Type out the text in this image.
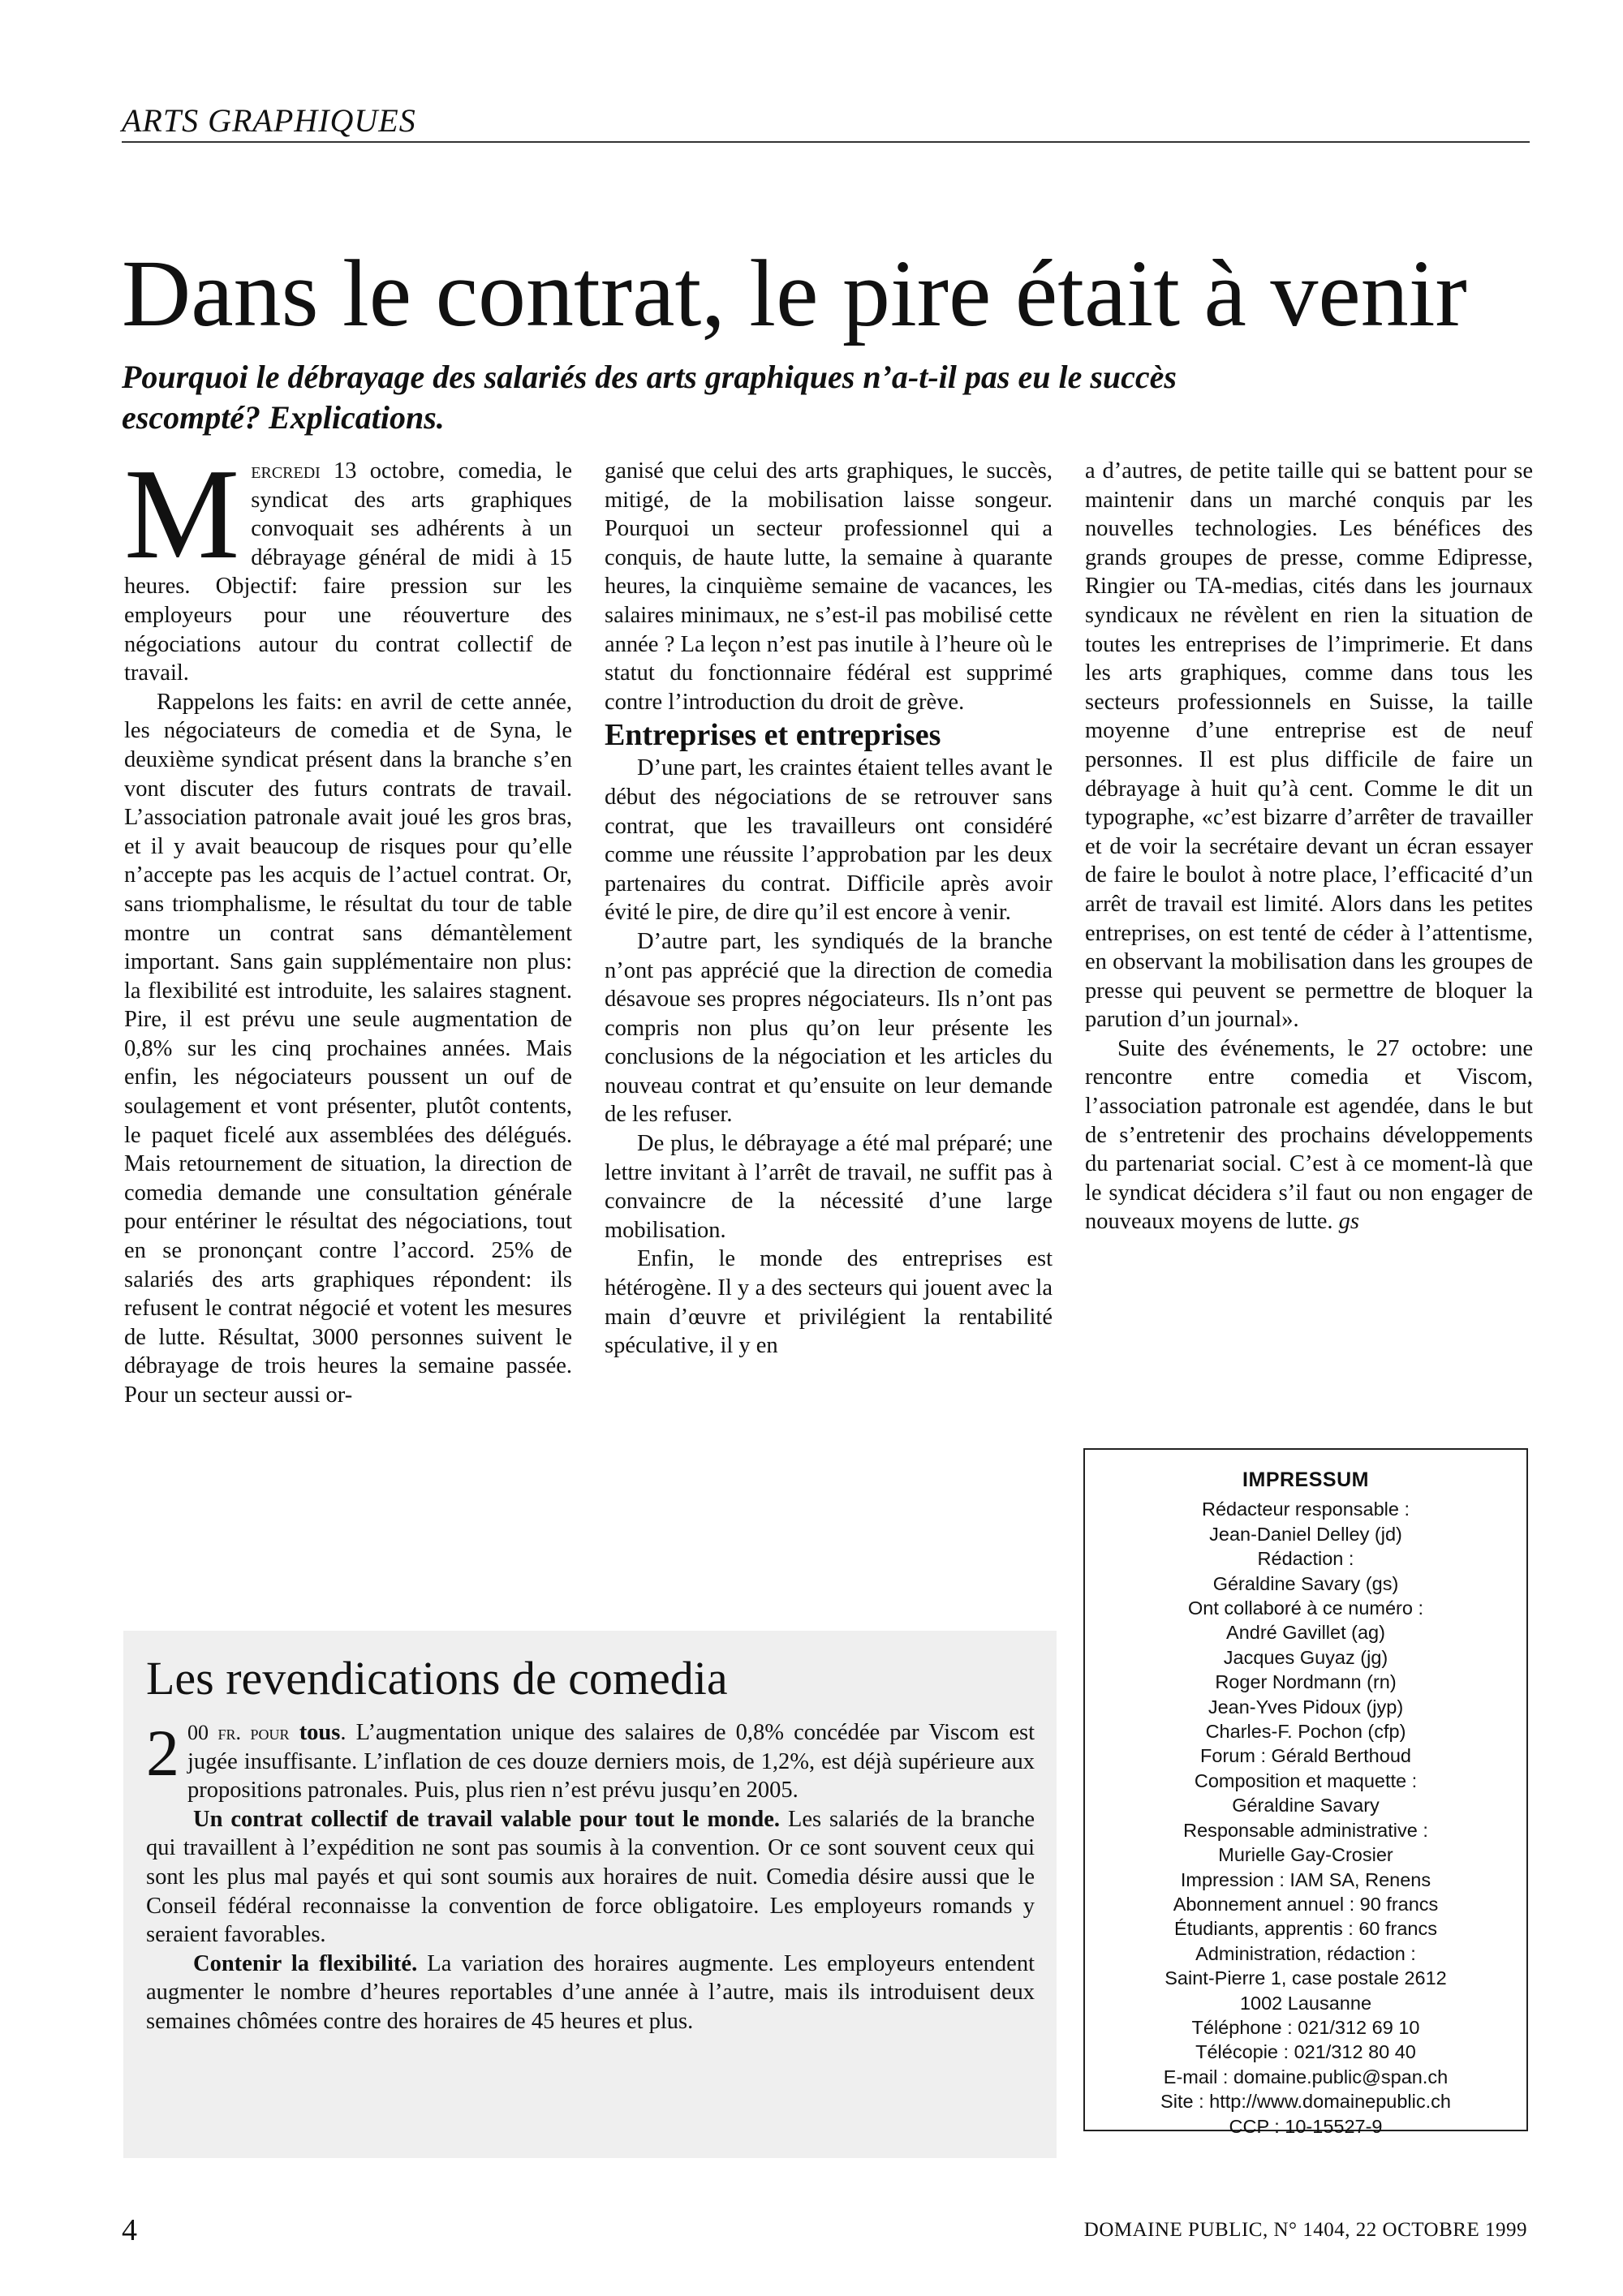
ARTS GRAPHIQUES
Dans le contrat, le pire était à venir
Pourquoi le débrayage des salariés des arts graphiques n’a-t-il pas eu le succès escompté? Explications.

Mercredi 13 octobre, comedia, le syndicat des arts graphiques convoquait ses adhérents à un débrayage général de midi à 15 heures. Objectif: faire pression sur les employeurs pour une réouverture des négociations autour du contrat collectif de travail.

Rappelons les faits: en avril de cette année, les négociateurs de comedia et de Syna, le deuxième syndicat présent dans la branche s’en vont discuter des futurs contrats de travail. L’association patronale avait joué les gros bras, et il y avait beaucoup de risques pour qu’elle n’accepte pas les acquis de l’actuel contrat. Or, sans triomphalisme, le résultat du tour de table montre un contrat sans démantèlement important. Sans gain supplémentaire non plus: la flexibilité est introduite, les salaires stagnent. Pire, il est prévu une seule augmentation de 0,8% sur les cinq prochaines années. Mais enfin, les négociateurs poussent un ouf de soulagement et vont présenter, plutôt contents, le paquet ficelé aux assemblées des délégués. Mais retournement de situation, la direction de comedia demande une consultation générale pour entériner le résultat des négociations, tout en se prononçant contre l’accord. 25% de salariés des arts graphiques répondent: ils refusent le contrat négocié et votent les mesures de lutte. Résultat, 3000 personnes suivent le débrayage de trois heures la semaine passée. Pour un secteur aussi or-

ganisé que celui des arts graphiques, le succès, mitigé, de la mobilisation laisse songeur. Pourquoi un secteur professionnel qui a conquis, de haute lutte, la semaine à quarante heures, la cinquième semaine de vacances, les salaires minimaux, ne s’est-il pas mobilisé cette année ? La leçon n’est pas inutile à l’heure où le statut du fonctionnaire fédéral est supprimé contre l’introduction du droit de grève.

Entreprises et entreprises

D’une part, les craintes étaient telles avant le début des négociations de se retrouver sans contrat, que les travailleurs ont considéré comme une réussite l’approbation par les deux partenaires du contrat. Difficile après avoir évité le pire, de dire qu’il est encore à venir.

D’autre part, les syndiqués de la branche n’ont pas apprécié que la direction de comedia désavoue ses propres négociateurs. Ils n’ont pas compris non plus qu’on leur présente les conclusions de la négociation et les articles du nouveau contrat et qu’ensuite on leur demande de les refuser.

De plus, le débrayage a été mal préparé; une lettre invitant à l’arrêt de travail, ne suffit pas à convaincre de la nécessité d’une large mobilisation.

Enfin, le monde des entreprises est hétérogène. Il y a des secteurs qui jouent avec la main d’œuvre et privilégient la rentabilité spéculative, il y en

a d’autres, de petite taille qui se battent pour se maintenir dans un marché conquis par les nouvelles technologies. Les bénéfices des grands groupes de presse, comme Edipresse, Ringier ou TA-medias, cités dans les journaux syndicaux ne révèlent en rien la situation de toutes les entreprises de l’imprimerie. Et dans les arts graphiques, comme dans tous les secteurs professionnels en Suisse, la taille moyenne d’une entreprise est de neuf personnes. Il est plus difficile de faire un débrayage à huit qu’à cent. Comme le dit un typographe, «c’est bizarre d’arrêter de travailler et de voir la secrétaire devant un écran essayer de faire le boulot à notre place, l’efficacité d’un arrêt de travail est limité. Alors dans les petites entreprises, on est tenté de céder à l’attentisme, en observant la mobilisation dans les groupes de presse qui peuvent se permettre de bloquer la parution d’un journal».

Suite des événements, le 27 octobre: une rencontre entre comedia et Viscom, l’association patronale est agendée, dans le but de s’entretenir des prochains développements du partenariat social. C’est à ce moment-là que le syndicat décidera s’il faut ou non engager de nouveaux moyens de lutte. gs

Les revendications de comedia

2 00 fr. pour tous. L’augmentation unique des salaires de 0,8% concédée par Viscom est jugée insuffisante. L’inflation de ces douze derniers mois, de 1,2%, est déjà supérieure aux propositions patronales. Puis, plus rien n’est prévu jusqu’en 2005.

Un contrat collectif de travail valable pour tout le monde. Les salariés de la branche qui travaillent à l’expédition ne sont pas soumis à la convention. Or ce sont souvent ceux qui sont les plus mal payés et qui sont soumis aux horaires de nuit. Comedia désire aussi que le Conseil fédéral reconnaisse la convention de force obligatoire. Les employeurs romands y seraient favorables.

Contenir la flexibilité. La variation des horaires augmente. Les employeurs entendent augmenter le nombre d’heures reportables d’une année à l’autre, mais ils introduisent deux semaines chômées contre des horaires de 45 heures et plus.

IMPRESSUM
Rédacteur responsable :
Jean-Daniel Delley (jd)
Rédaction :
Géraldine Savary (gs)
Ont collaboré à ce numéro :
André Gavillet (ag)
Jacques Guyaz (jg)
Roger Nordmann (rn)
Jean-Yves Pidoux (jyp)
Charles-F. Pochon (cfp)
Forum : Gérald Berthoud
Composition et maquette :
Géraldine Savary
Responsable administrative :
Murielle Gay-Crosier
Impression : IAM SA, Renens
Abonnement annuel : 90 francs
Étudiants, apprentis : 60 francs
Administration, rédaction :
Saint-Pierre 1, case postale 2612
1002 Lausanne
Téléphone : 021/312 69 10
Télécopie : 021/312 80 40
E-mail : domaine.public@span.ch
Site : http://www.domainepublic.ch
CCP : 10-15527-9
4	DOMAINE PUBLIC, N° 1404, 22 OCTOBRE 1999
